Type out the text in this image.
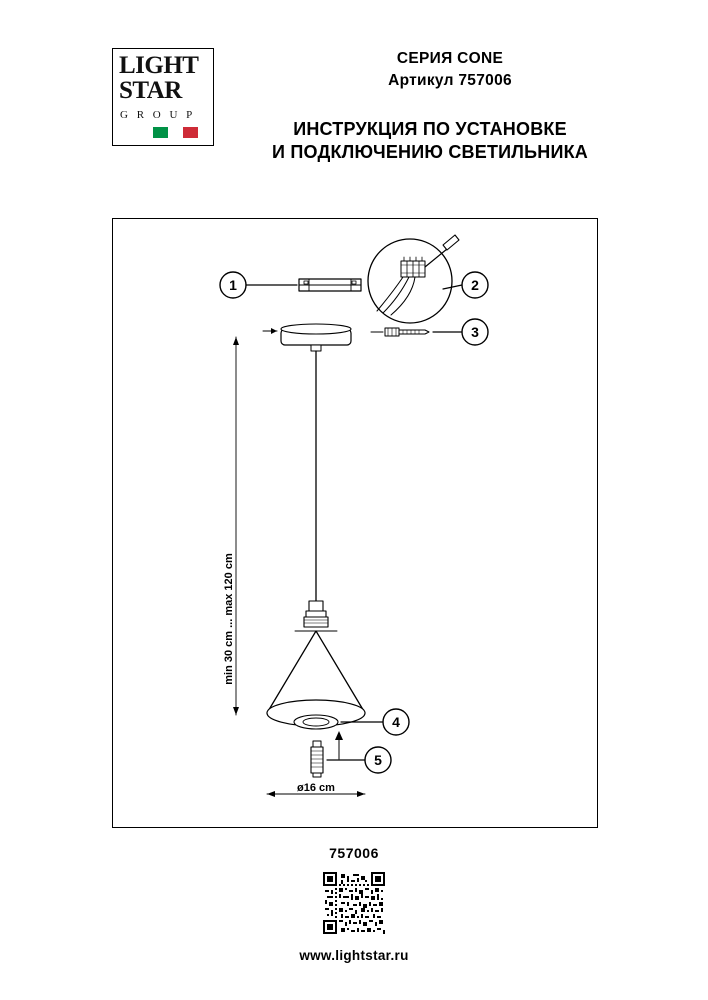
LIGHT
STAR
G R O U P
СЕРИЯ CONE
Артикул 757006
ИНСТРУКЦИЯ ПО УСТАНОВКЕ
И ПОДКЛЮЧЕНИЮ СВЕТИЛЬНИКА
1	2
3
4
5
min 30 cm ... max 120 cm
ø16 cm
757006
www.lightstar.ru
